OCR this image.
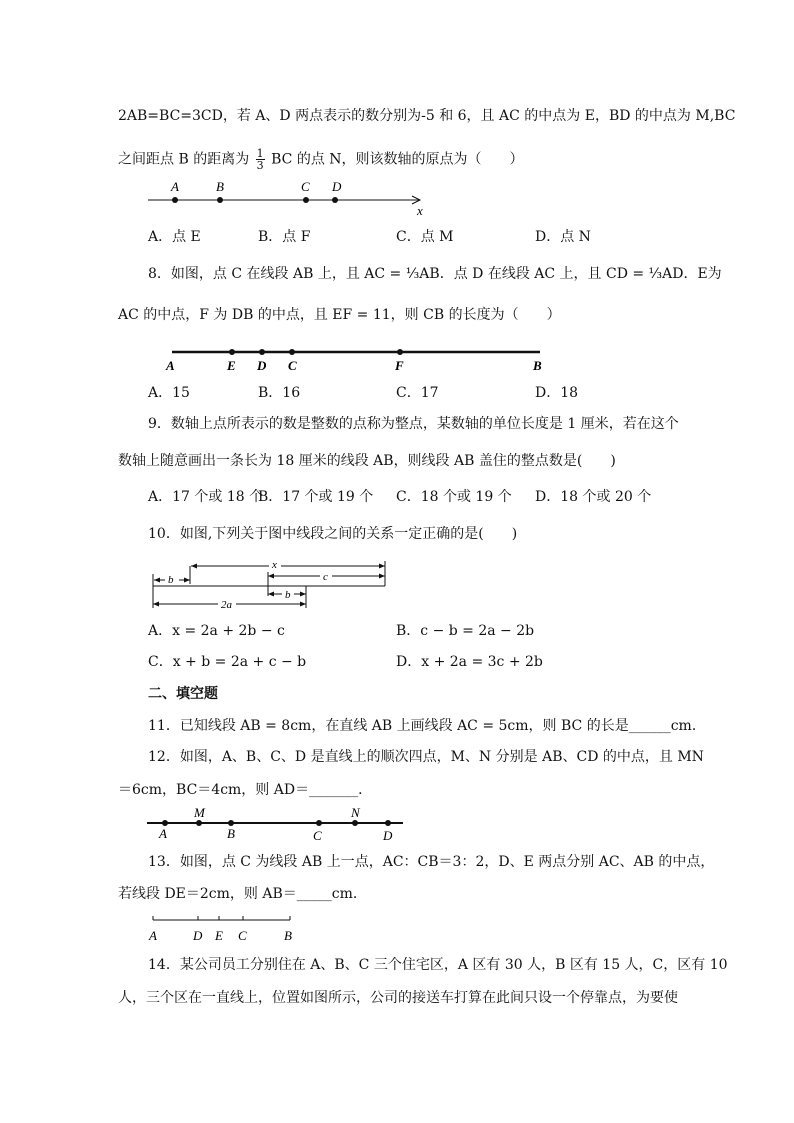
2AB=BC=3CD，若 A、D 两点表示的数分别为-5 和 6，且 AC 的中点为 E，BD 的中点为 M,BC
之间距点 B 的距离为 $\frac{1}{3}$ BC 的点 N，则该数轴的原点为（　　）
A	B	C D
x
A．点 E	B．点 F	C．点 M	D．点 N
8．如图，点 C 在线段 AB 上，且 AC = ⅓AB．点 D 在线段 AC 上，且 CD = ⅓AD．E为
AC 的中点，F 为 DB 的中点，且 EF = 11，则 CB 的长度为（　　）
A	E D C	F	B
A．15	B．16	C．17	D．18
9．数轴上点所表示的数是整数的点称为整点，某数轴的单位长度是 1 厘米，若在这个
数轴上随意画出一条长为 18 厘米的线段 AB，则线段 AB 盖住的整点数是(　　)
A．17 个或 18 个
B．17 个或 19 个 C．18 个或 19 个 D．18 个或 20 个
10．如图,下列关于图中线段之间的关系一定正确的是(　　)
b
x
c
b
2a
A．x = 2a + 2b − c	B．c − b = 2a − 2b
C．x + b = 2a + c − b	D．x + 2a = 3c + 2b
二、填空题
11．已知线段 AB = 8cm，在直线 AB 上画线段 AC = 5cm，则 BC 的长是______cm．
12．如图，A、B、C、D 是直线上的顺次四点，M、N 分别是 AB、CD 的中点，且 MN
＝6cm，BC＝4cm，则 AD＝_______．
M	N
A	B	C	D
13．如图，点 C 为线段 AB 上一点，AC：CB＝3：2，D、E 两点分别 AC、AB 的中点，
若线段 DE＝2cm，则 AB＝_____cm．
A	D E C	B
14．某公司员工分别住在 A、B、C 三个住宅区，A 区有 30 人，B 区有 15 人，C，区有 10
人，三个区在一直线上，位置如图所示，公司的接送车打算在此间只设一个停靠点，为要使
